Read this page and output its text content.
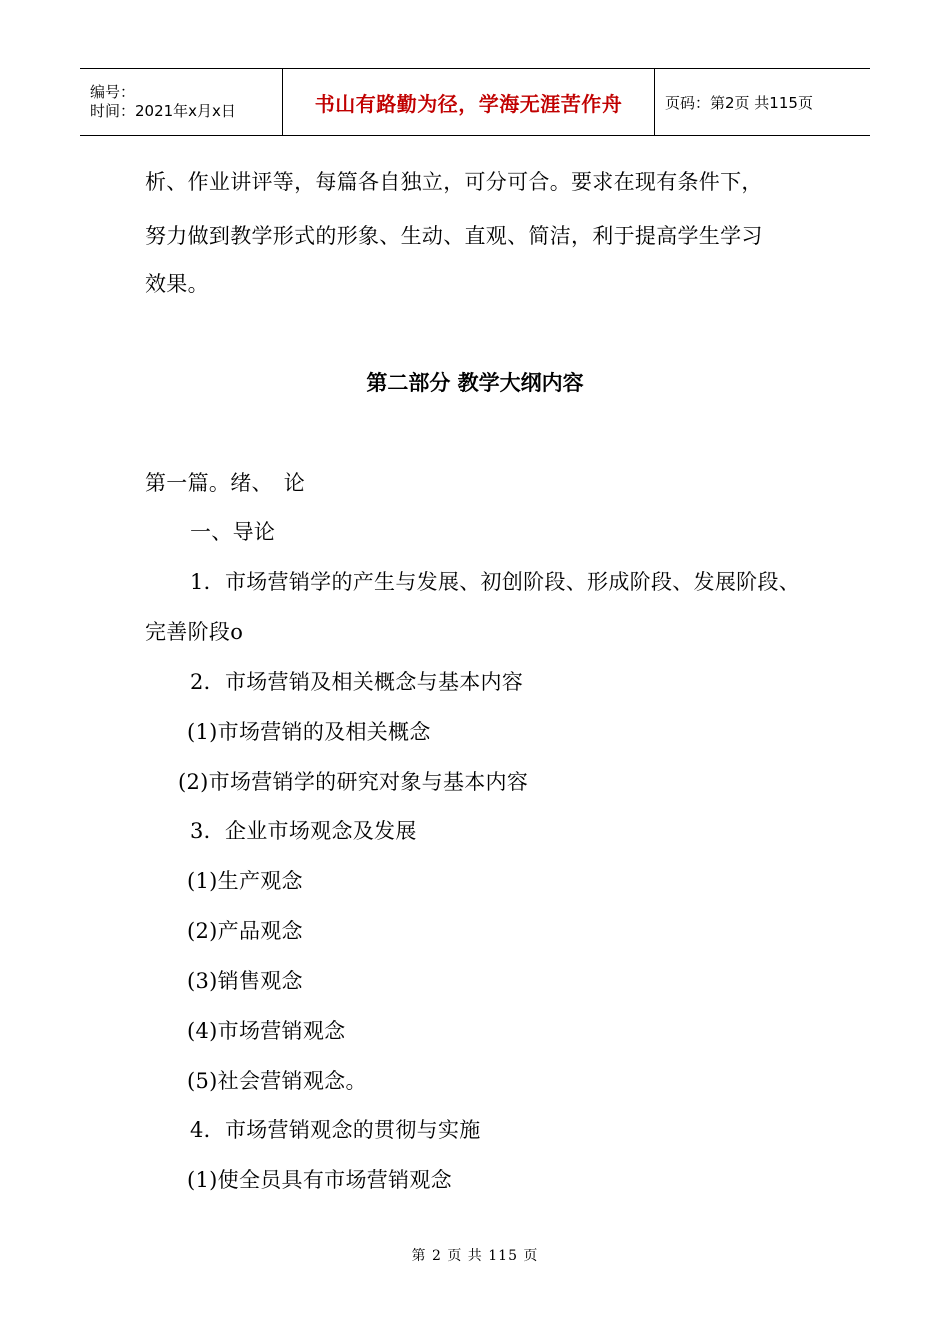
编号：
时间：2021年x月x日	书山有路勤为径，学海无涯苦作舟	页码：第2页 共115页
析、作业讲评等，每篇各自独立，可分可合。要求在现有条件下，
努力做到教学形式的形象、生动、直观、简洁，利于提高学生学习
效果。
第二部分 教学大纲内容
第一篇。绪、 论
一、导论
1．市场营销学的产生与发展、初创阶段、形成阶段、发展阶段、
完善阶段o
2．市场营销及相关概念与基本内容
(1)市场营销的及相关概念
(2)市场营销学的研究对象与基本内容
3．企业市场观念及发展
(1)生产观念
(2)产品观念
(3)销售观念
(4)市场营销观念
(5)社会营销观念。
4．市场营销观念的贯彻与实施
(1)使全员具有市场营销观念
第 2 页 共 115 页
